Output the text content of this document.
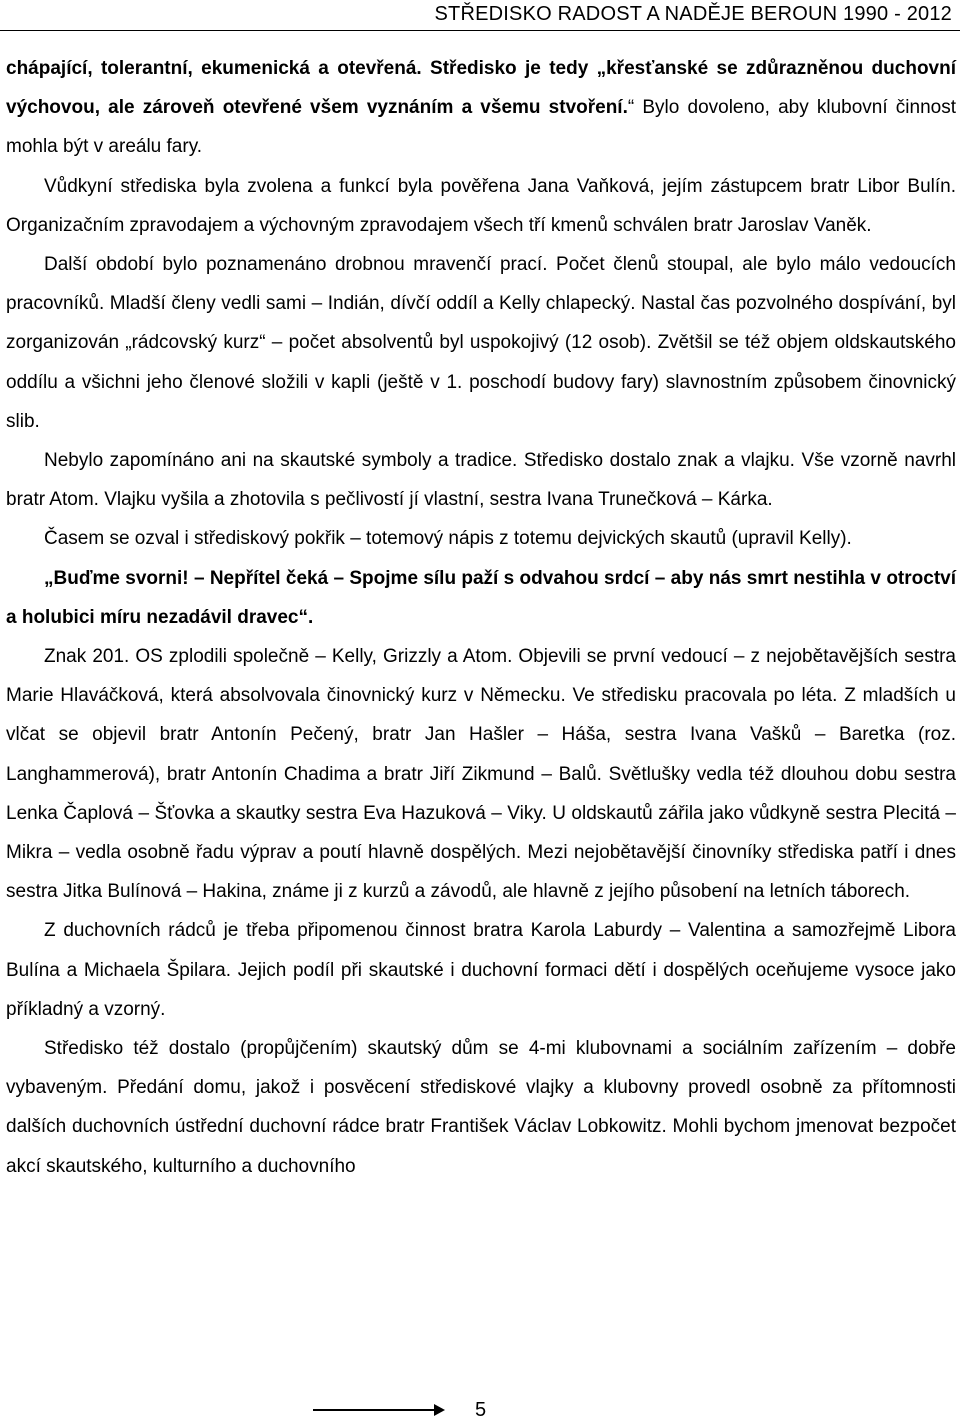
STŘEDISKO RADOST A NADĚJE BEROUN 1990 - 2012

chápající, tolerantní, ekumenická a otevřená. Středisko je tedy „křesťanské se zdůrazněnou duchovní výchovou, ale zároveň otevřené všem vyznáním a všemu stvoření.“ Bylo dovoleno, aby klubovní činnost mohla být v areálu fary.

Vůdkyní střediska byla zvolena a funkcí byla pověřena Jana Vaňková, jejím zástupcem bratr Libor Bulín. Organizačním zpravodajem a výchovným zpravodajem všech tří kmenů schválen bratr Jaroslav Vaněk.

Další období bylo poznamenáno drobnou mravenčí prací. Počet členů stoupal, ale bylo málo vedoucích pracovníků. Mladší členy vedli sami – Indián, dívčí oddíl a Kelly chlapecký. Nastal čas pozvolného dospívání, byl zorganizován „rádcovský kurz“ – počet absolventů byl uspokojivý (12 osob). Zvětšil se též objem oldskautského oddílu a všichni jeho členové složili v kapli (ještě v 1. poschodí budovy fary) slavnostním způsobem činovnický slib.

Nebylo zapomínáno ani na skautské symboly a tradice. Středisko dostalo znak a vlajku. Vše vzorně navrhl bratr Atom. Vlajku vyšila a zhotovila s pečlivostí jí vlastní, sestra Ivana Trunečková – Kárka.

Časem se ozval i střediskový pokřik – totemový nápis z totemu dejvických skautů (upravil Kelly).

„Buďme svorni! – Nepřítel čeká – Spojme sílu paží s odvahou srdcí – aby nás smrt nestihla v otroctví a holubici míru nezadávil dravec“.

Znak 201. OS zplodili společně – Kelly, Grizzly a Atom. Objevili se první vedoucí – z nejobětavějších sestra Marie Hlaváčková, která absolvovala činovnický kurz v Německu. Ve středisku pracovala po léta. Z mladších u vlčat se objevil bratr Antonín Pečený, bratr Jan Hašler – Háša, sestra Ivana Vašků – Baretka (roz. Langhammerová), bratr Antonín Chadima a bratr Jiří Zikmund – Balů. Světlušky vedla též dlouhou dobu sestra Lenka Čaplová – Šťovka a skautky sestra Eva Hazuková – Viky. U oldskautů zářila jako vůdkyně sestra Plecitá – Mikra – vedla osobně řadu výprav a poutí hlavně dospělých. Mezi nejobětavější činovníky střediska patří i dnes sestra Jitka Bulínová – Hakina, známe ji z kurzů a závodů, ale hlavně z jejího působení na letních táborech.

Z duchovních rádců je třeba připomenou činnost bratra Karola Laburdy – Valentina a samozřejmě Libora Bulína a Michaela Špilara. Jejich podíl při skautské i duchovní formaci dětí i dospělých oceňujeme vysoce jako příkladný a vzorný.

Středisko též dostalo (propůjčením) skautský dům se 4-mi klubovnami a sociálním zařízením – dobře vybaveným. Předání domu, jakož i posvěcení střediskové vlajky a klubovny provedl osobně za přítomnosti dalších duchovních ústřední duchovní rádce bratr František Václav Lobkowitz. Mohli bychom jmenovat bezpočet akcí skautského, kulturního a duchovního

5
